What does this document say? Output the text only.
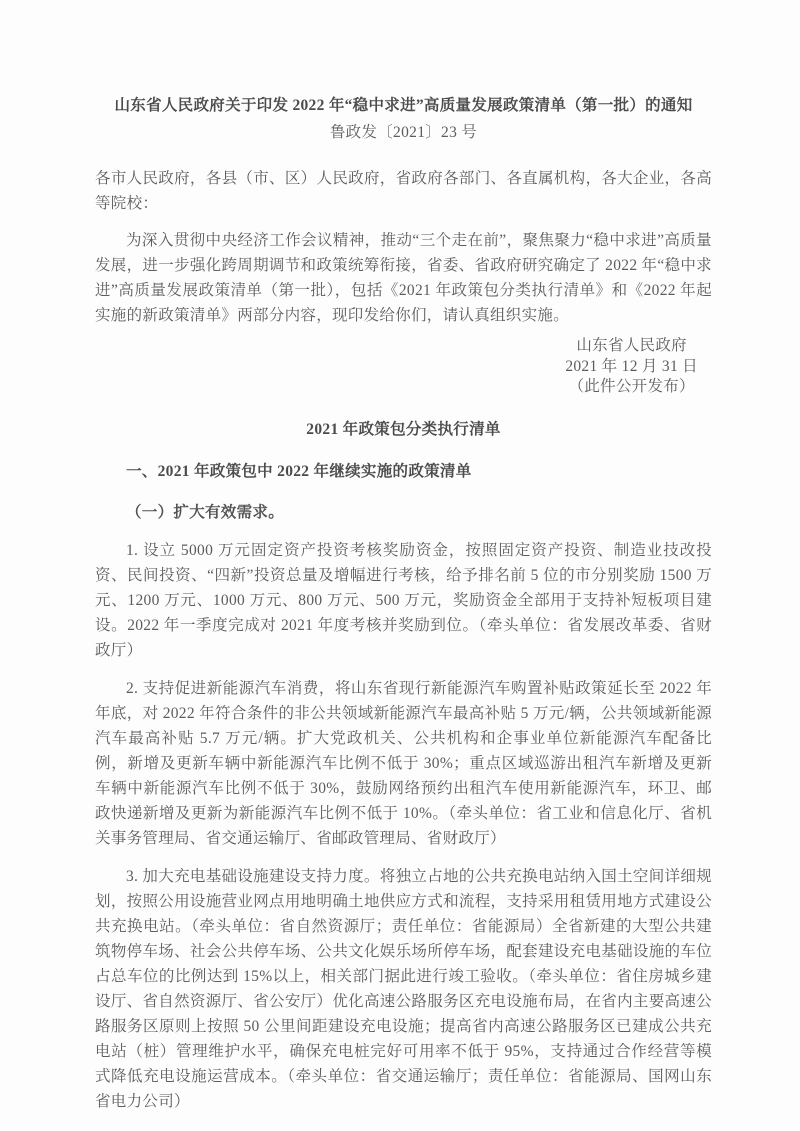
山东省人民政府关于印发 2022 年“稳中求进”高质量发展政策清单（第一批）的通知

鲁政发〔2021〕23 号

各市人民政府，各县（市、区）人民政府，省政府各部门、各直属机构，各大企业，各高等院校：

为深入贯彻中央经济工作会议精神，推动“三个走在前”，聚焦聚力“稳中求进”高质量发展，进一步强化跨周期调节和政策统筹衔接，省委、省政府研究确定了 2022 年“稳中求进”高质量发展政策清单（第一批），包括《2021 年政策包分类执行清单》和《2022 年起实施的新政策清单》两部分内容，现印发给你们，请认真组织实施。

山东省人民政府
2021 年 12 月 31 日
（此件公开发布）

2021 年政策包分类执行清单

一、2021 年政策包中 2022 年继续实施的政策清单

（一）扩大有效需求。

1. 设立 5000 万元固定资产投资考核奖励资金，按照固定资产投资、制造业技改投资、民间投资、“四新”投资总量及增幅进行考核，给予排名前 5 位的市分别奖励 1500 万元、1200 万元、1000 万元、800 万元、500 万元，奖励资金全部用于支持补短板项目建设。2022 年一季度完成对 2021 年度考核并奖励到位。（牵头单位：省发展改革委、省财政厅）

2. 支持促进新能源汽车消费，将山东省现行新能源汽车购置补贴政策延长至 2022 年年底，对 2022 年符合条件的非公共领域新能源汽车最高补贴 5 万元/辆，公共领域新能源汽车最高补贴 5.7 万元/辆。扩大党政机关、公共机构和企事业单位新能源汽车配备比例，新增及更新车辆中新能源汽车比例不低于 30%；重点区域巡游出租汽车新增及更新车辆中新能源汽车比例不低于 30%，鼓励网络预约出租汽车使用新能源汽车，环卫、邮政快递新增及更新为新能源汽车比例不低于 10%。（牵头单位：省工业和信息化厅、省机关事务管理局、省交通运输厅、省邮政管理局、省财政厅）

3. 加大充电基础设施建设支持力度。将独立占地的公共充换电站纳入国土空间详细规划，按照公用设施营业网点用地明确土地供应方式和流程，支持采用租赁用地方式建设公共充换电站。（牵头单位：省自然资源厅；责任单位：省能源局）全省新建的大型公共建筑物停车场、社会公共停车场、公共文化娱乐场所停车场，配套建设充电基础设施的车位占总车位的比例达到 15%以上，相关部门据此进行竣工验收。（牵头单位：省住房城乡建设厅、省自然资源厅、省公安厅）优化高速公路服务区充电设施布局，在省内主要高速公路服务区原则上按照 50 公里间距建设充电设施；提高省内高速公路服务区已建成公共充电站（桩）管理维护水平，确保充电桩完好可用率不低于 95%，支持通过合作经营等模式降低充电设施运营成本。（牵头单位：省交通运输厅；责任单位：省能源局、国网山东省电力公司）
